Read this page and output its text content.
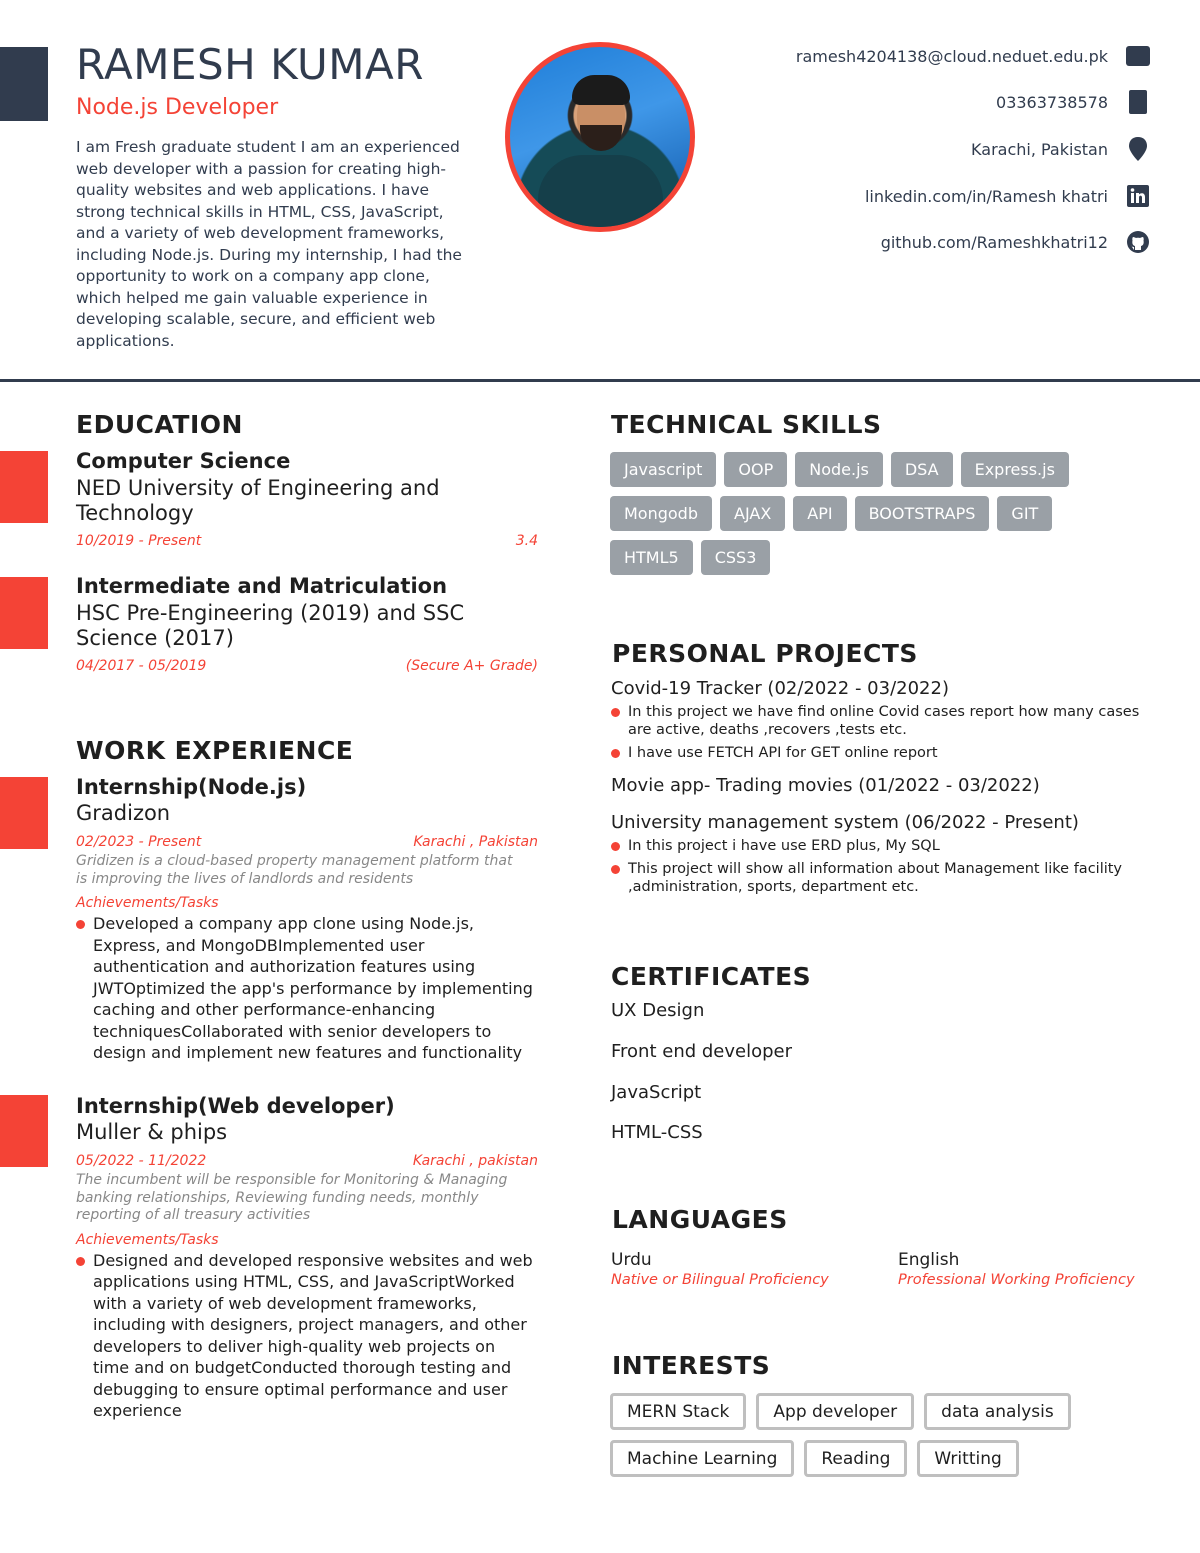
RAMESH KUMAR
Node.js Developer
I am Fresh graduate student I am an experienced web developer with a passion for creating high-quality websites and web applications. I have strong technical skills in HTML, CSS, JavaScript, and a variety of web development frameworks, including Node.js. During my internship, I had the opportunity to work on a company app clone, which helped me gain valuable experience in developing scalable, secure, and efficient web applications.
ramesh4204138@cloud.neduet.edu.pk
03363738578
Karachi, Pakistan
linkedin.com/in/Ramesh khatri
github.com/Rameshkhatri12
EDUCATION
Computer Science
NED University of Engineering and Technology
10/2019 - Present	3.4
Intermediate and Matriculation
HSC Pre-Engineering (2019) and SSC Science (2017)
04/2017 - 05/2019	(Secure A+ Grade)
WORK EXPERIENCE
Internship(Node.js)
Gradizon
02/2023 - Present	Karachi , Pakistan
Gridizen is a cloud-based property management platform that is improving the lives of landlords and residents
Achievements/Tasks
Developed a company app clone using Node.js, Express, and MongoDBImplemented user authentication and authorization features using JWTOptimized the app's performance by implementing caching and other performance-enhancing techniquesCollaborated with senior developers to design and implement new features and functionality
Internship(Web developer)
Muller & phips
05/2022 - 11/2022	Karachi , pakistan
The incumbent will be responsible for Monitoring & Managing banking relationships, Reviewing funding needs, monthly reporting of all treasury activities
Achievements/Tasks
Designed and developed responsive websites and web applications using HTML, CSS, and JavaScriptWorked with a variety of web development frameworks, including with designers, project managers, and other developers to deliver high-quality web projects on time and on budgetConducted thorough testing and debugging to ensure optimal performance and user experience
TECHNICAL SKILLS
Javascript	OOP	Node.js	DSA	Express.js
Mongodb	AJAX	API	BOOTSTRAPS	GIT
HTML5	CSS3
PERSONAL PROJECTS
Covid-19 Tracker (02/2022 - 03/2022)
In this project we have find online Covid cases report how many cases are active, deaths ,recovers ,tests etc.
I have use FETCH API for GET online report
Movie app- Trading movies (01/2022 - 03/2022)
University management system (06/2022 - Present)
In this project i have use ERD plus, My SQL
This project will show all information about Management like facility ,administration, sports, department etc.
CERTIFICATES
UX Design
Front end developer
JavaScript
HTML-CSS
LANGUAGES
Urdu
Native or Bilingual Proficiency
English
Professional Working Proficiency
INTERESTS
MERN Stack	App developer	data analysis
Machine Learning	Reading	Writting
